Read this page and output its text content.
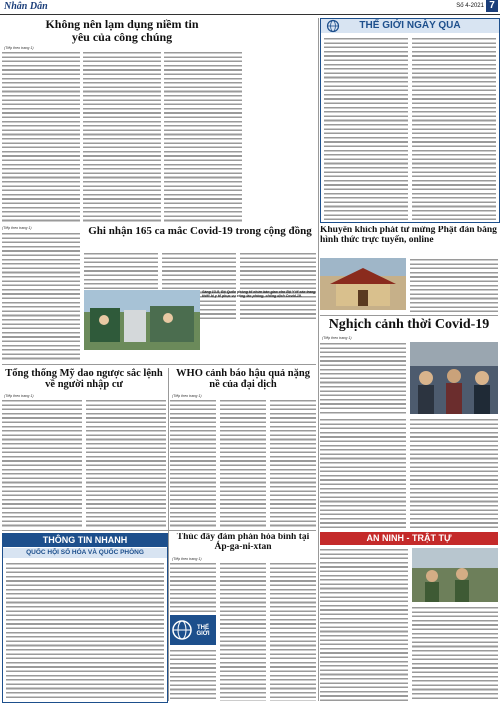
Nhân Dân	Số 4-2021 7
Không nên lạm dụng niềm tin yêu của công chúng
(Tiếp theo trang 1)
(Tiếp theo trang 1)	Ghi nhận 165 ca mắc Covid-19 trong cộng đồng
Sáng 13-5, Bộ Quốc phòng tổ chức bàn giao cho Bộ Y tế các trang thiết bị y tế phục vụ công tác phòng, chống dịch Covid-19.
Tổng thống Mỹ dao ngược sắc lệnh về người nhập cư
(Tiếp theo trang 1)
WHO cảnh báo hậu quả nặng nề của đại dịch
(Tiếp theo trang 1)
THÔNG TIN NHANH
QUỐC HỘI SỐ HÓA VÀ QUỐC PHÒNG
Thúc đẩy đàm phán hòa bình tại Áp-ga-ni-xtan
(Tiếp theo trang 1)
THẾ GIỚI
THẾ GIỚI NGÀY QUA
Khuyến khích phát tư mừng Phật đản bằng hình thức trực tuyến, online
Nghịch cảnh thời Covid-19
(Tiếp theo trang 1)
AN NINH - TRẬT TỰ
